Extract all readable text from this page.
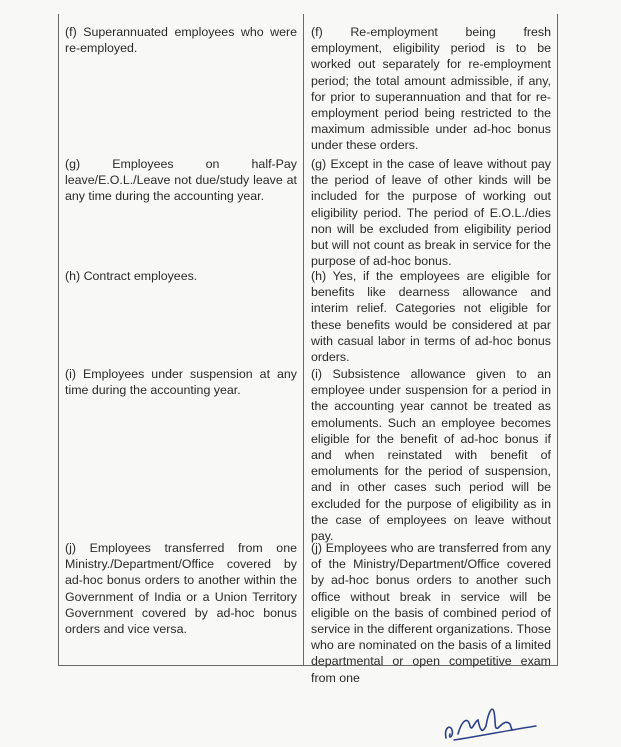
(f) Superannuated employees who were re-employed.
(f) Re-employment being fresh employment, eligibility period is to be worked out separately for re-employment period; the total amount admissible, if any, for prior to superannuation and that for re-employment period being restricted to the maximum admissible under ad-hoc bonus under these orders.
(g) Employees on half-Pay leave/E.O.L./Leave not due/study leave at any time during the accounting year.
(g) Except in the case of leave without pay the period of leave of other kinds will be included for the purpose of working out eligibility period. The period of E.O.L./dies non will be excluded from eligibility period but will not count as break in service for the purpose of ad-hoc bonus.
(h) Contract employees.	(h) Yes, if the employees are eligible for benefits like dearness allowance and interim relief. Categories not eligible for these benefits would be considered at par with casual labor in terms of ad-hoc bonus orders.
(i) Employees under suspension at any time during the accounting year.
(i) Subsistence allowance given to an employee under suspension for a period in the accounting year cannot be treated as emoluments. Such an employee becomes eligible for the benefit of ad-hoc bonus if and when reinstated with benefit of emoluments for the period of suspension, and in other cases such period will be excluded for the purpose of eligibility as in the case of employees on leave without pay.
(j) Employees transferred from one Ministry./Department/Office covered by ad-hoc bonus orders to another within the Government of India or a Union Territory Government covered by ad-hoc bonus orders and vice versa.
(j) Employees who are transferred from any of the Ministry/Department/Office covered by ad-hoc bonus orders to another such office without break in service will be eligible on the basis of combined period of service in the different organizations. Those who are nominated on the basis of a limited departmental or open competitive exam from one
